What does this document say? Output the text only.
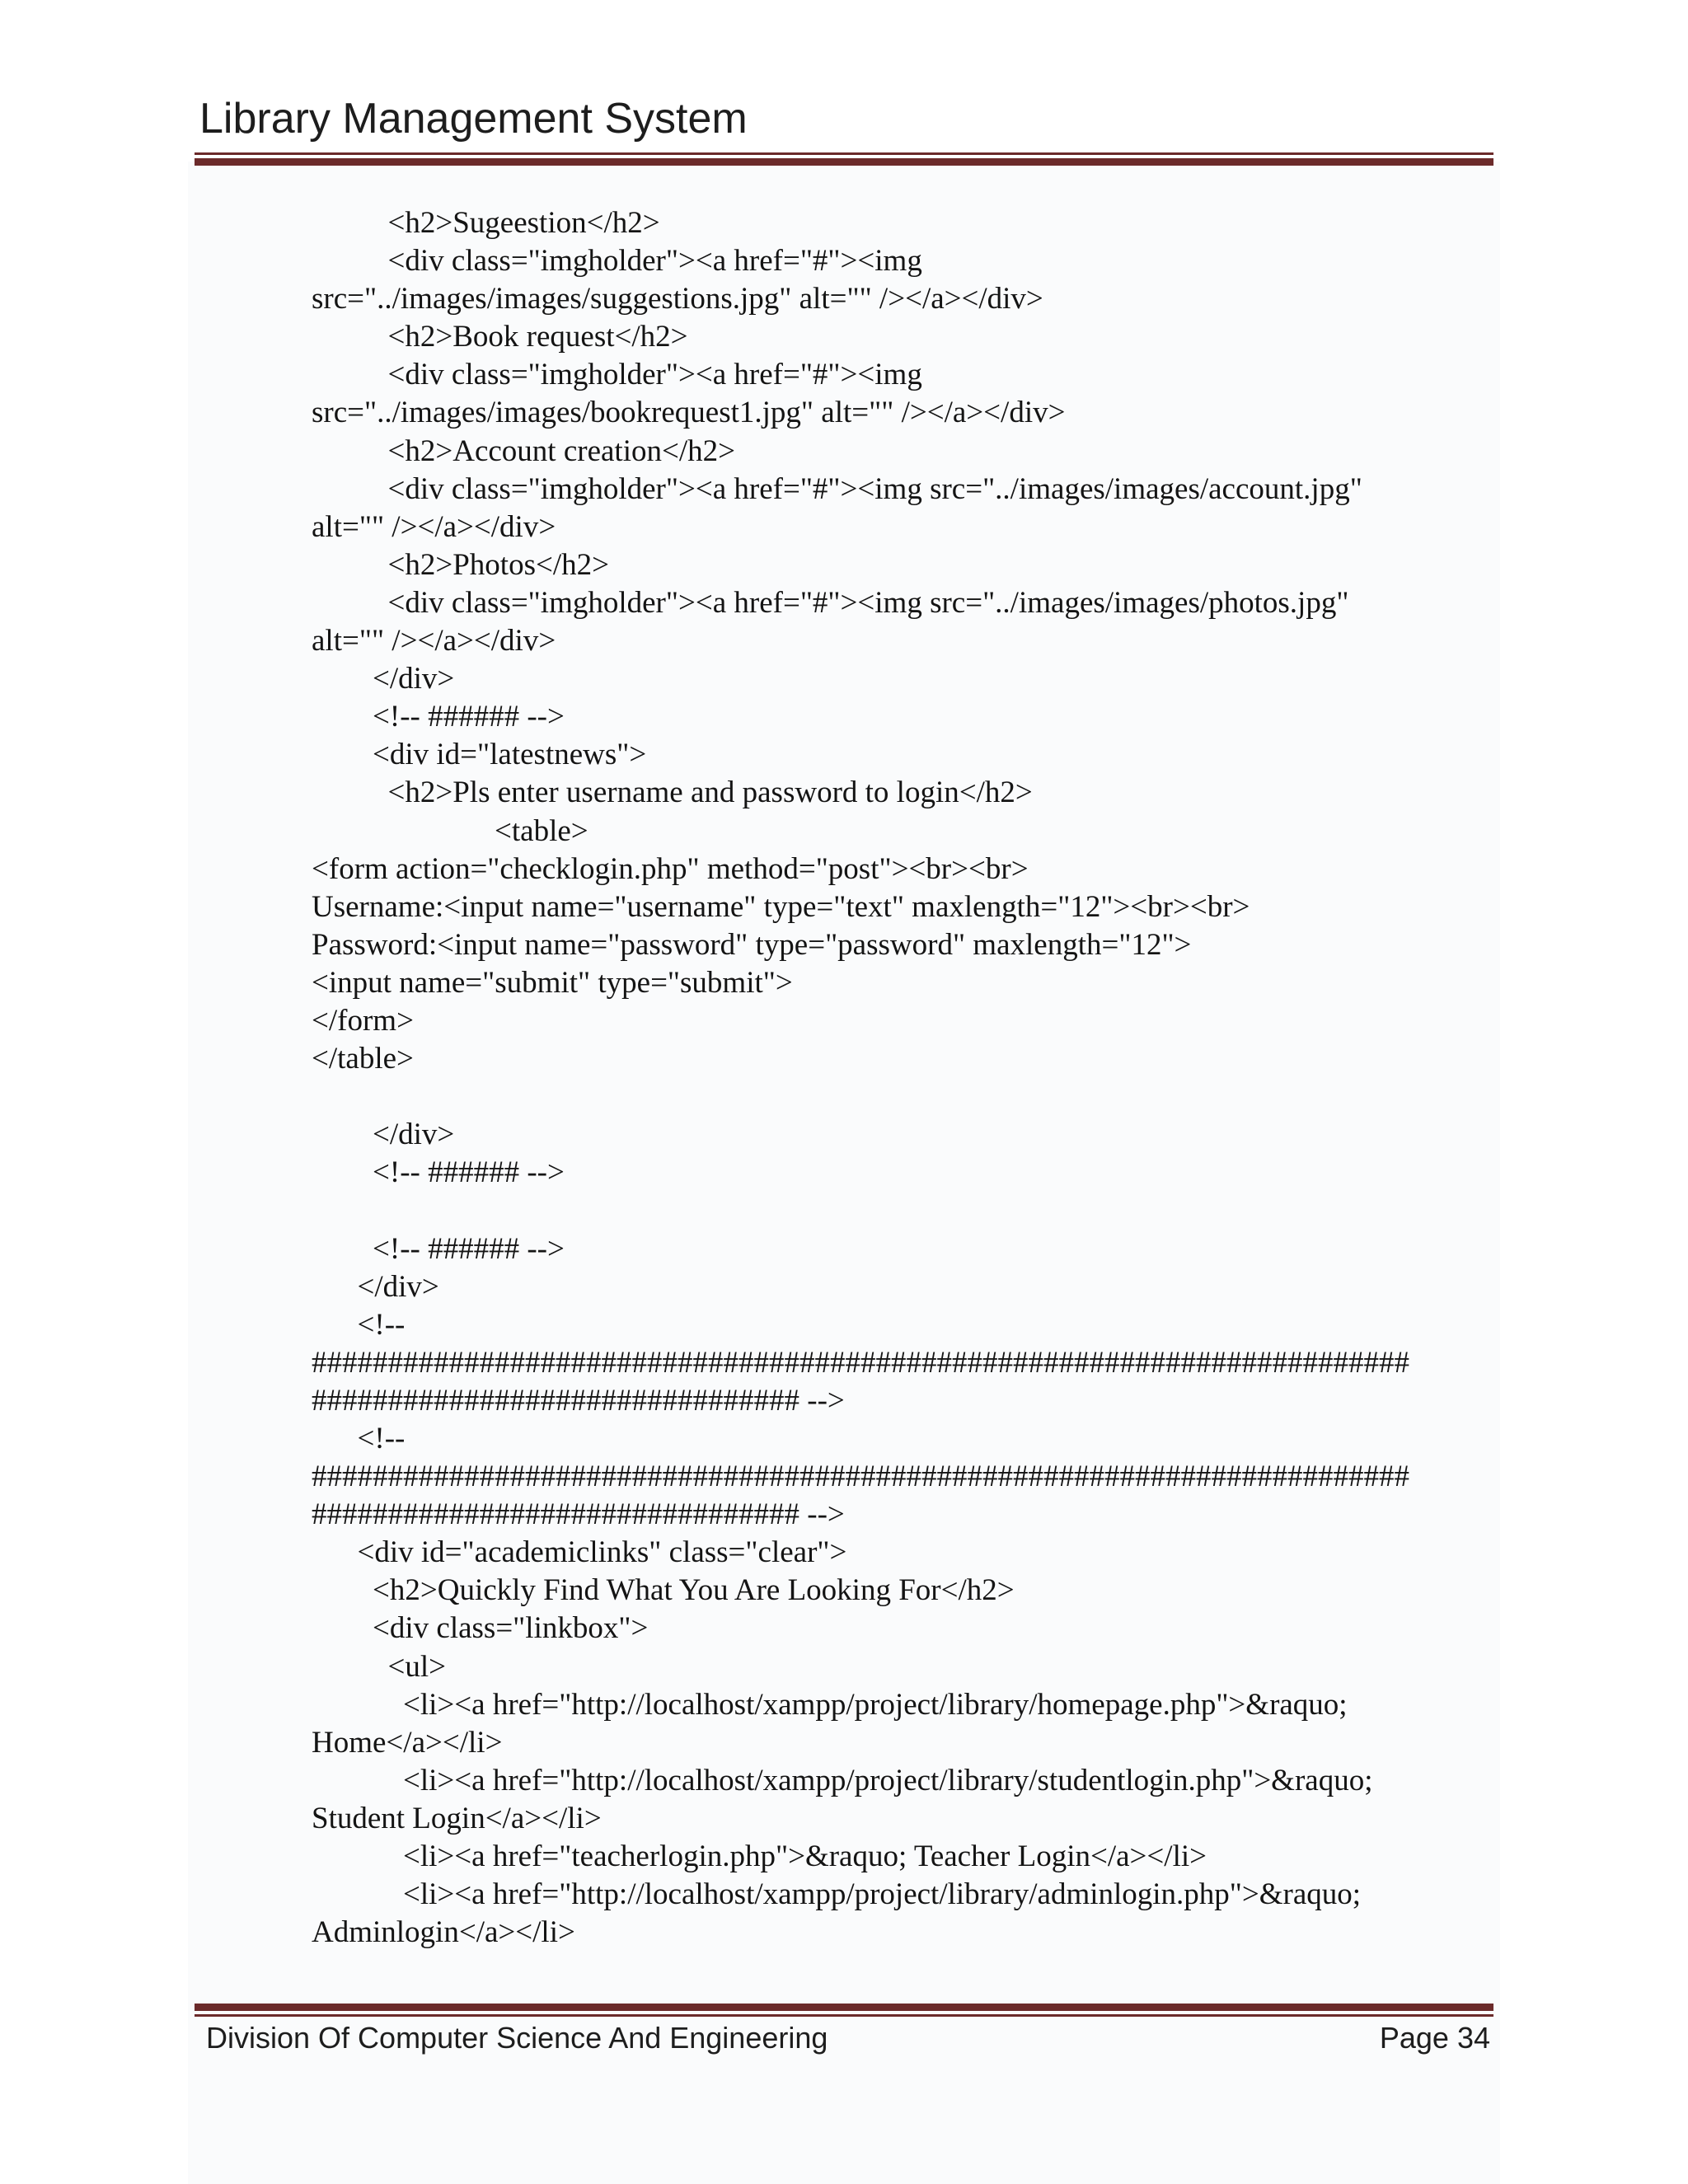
Library Management System
<h2>Sugeestion</h2>
<div class="imgholder"><a href="#"><img
src="../images/images/suggestions.jpg" alt="" /></a></div>
<h2>Book request</h2>
<div class="imgholder"><a href="#"><img
src="../images/images/bookrequest1.jpg" alt="" /></a></div>
<h2>Account creation</h2>
<div class="imgholder"><a href="#"><img src="../images/images/account.jpg"
alt="" /></a></div>
<h2>Photos</h2>
<div class="imgholder"><a href="#"><img src="../images/images/photos.jpg"
alt="" /></a></div>
</div>
<!-- ###### -->
<div id="latestnews">
<h2>Pls enter username and password to login</h2>
<table>
<form action="checklogin.php" method="post"><br><br>
Username:<input name="username" type="text" maxlength="12"><br><br>
Password:<input name="password" type="password" maxlength="12">
<input name="submit" type="submit">
</form>
</table>
</div>
<!-- ###### -->
<!-- ###### -->
</div>
<!--
########################################################################
################################ -->
<!--
########################################################################
################################ -->
<div id="academiclinks" class="clear">
<h2>Quickly Find What You Are Looking For</h2>
<div class="linkbox">
<ul>
<li><a href="http://localhost/xampp/project/library/homepage.php">&raquo;
Home</a></li>
<li><a href="http://localhost/xampp/project/library/studentlogin.php">&raquo;
Student Login</a></li>
<li><a href="teacherlogin.php">&raquo; Teacher Login</a></li>
<li><a href="http://localhost/xampp/project/library/adminlogin.php">&raquo;
Adminlogin</a></li>
Division Of Computer Science And Engineering	Page 34
